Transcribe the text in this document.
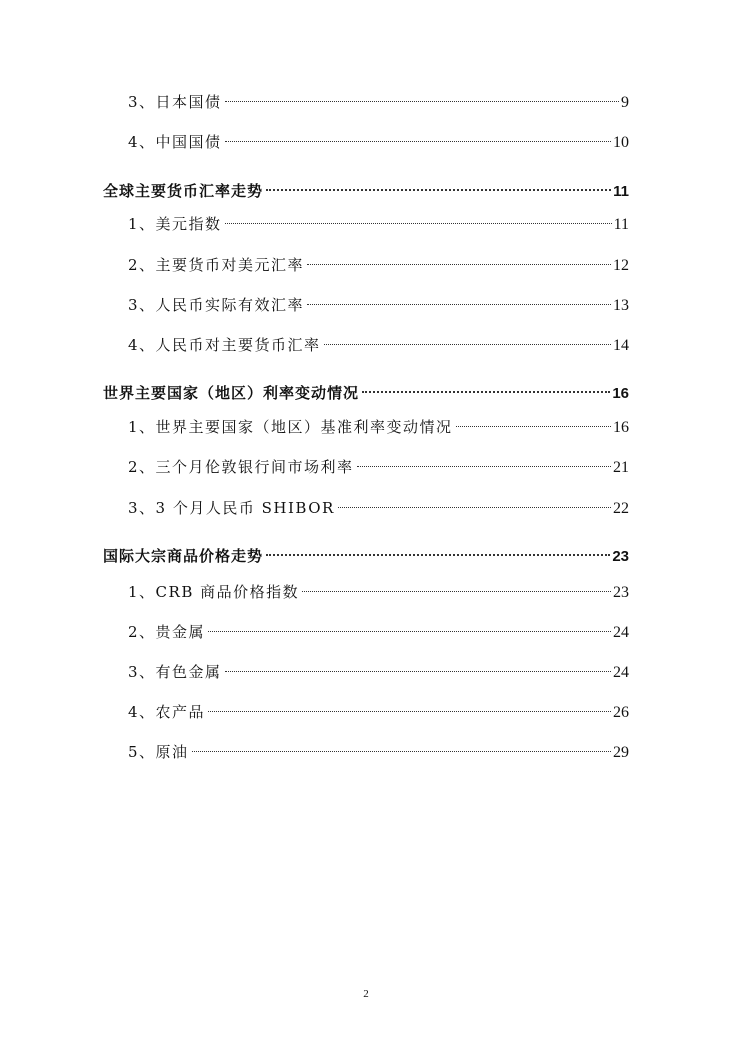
3、 日本国债	9
4、 中国国债	10
全球主要货币汇率走势	11
1、 美元指数	11
2、 主要货币对美元汇率	12
3、 人民币实际有效汇率	13
4、 人民币对主要货币汇率	14
世界主要国家（地区）利率变动情况	16
1、 世界主要国家（地区）基准利率变动情况	16
2、 三个月伦敦银行间市场利率	21
3、 3 个月人民币 SHIBOR	22
国际大宗商品价格走势	23
1、 CRB 商品价格指数	23
2、 贵金属	24
3、 有色金属	24
4、 农产品	26
5、 原油	29
2
